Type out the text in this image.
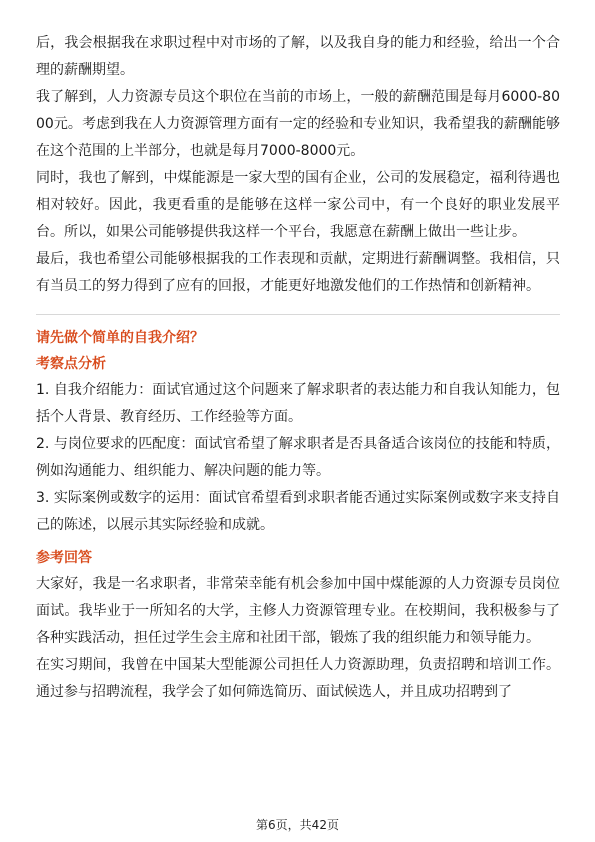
后，我会根据我在求职过程中对市场的了解，以及我自身的能力和经验，给出一个合理的薪酬期望。

我了解到，人力资源专员这个职位在当前的市场上，一般的薪酬范围是每月6000-8000元。考虑到我在人力资源管理方面有一定的经验和专业知识，我希望我的薪酬能够在这个范围的上半部分，也就是每月7000-8000元。

同时，我也了解到，中煤能源是一家大型的国有企业，公司的发展稳定，福利待遇也相对较好。因此，我更看重的是能够在这样一家公司中，有一个良好的职业发展平台。所以，如果公司能够提供我这样一个平台，我愿意在薪酬上做出一些让步。

最后，我也希望公司能够根据我的工作表现和贡献，定期进行薪酬调整。我相信，只有当员工的努力得到了应有的回报，才能更好地激发他们的工作热情和创新精神。

请先做个简单的自我介绍？

考察点分析

1. 自我介绍能力：面试官通过这个问题来了解求职者的表达能力和自我认知能力，包括个人背景、教育经历、工作经验等方面。

2. 与岗位要求的匹配度：面试官希望了解求职者是否具备适合该岗位的技能和特质，例如沟通能力、组织能力、解决问题的能力等。

3. 实际案例或数字的运用：面试官希望看到求职者能否通过实际案例或数字来支持自己的陈述，以展示其实际经验和成就。

参考回答

大家好，我是一名求职者，非常荣幸能有机会参加中国中煤能源的人力资源专员岗位面试。我毕业于一所知名的大学，主修人力资源管理专业。在校期间，我积极参与了各种实践活动，担任过学生会主席和社团干部，锻炼了我的组织能力和领导能力。

在实习期间，我曾在中国某大型能源公司担任人力资源助理，负责招聘和培训工作。通过参与招聘流程，我学会了如何筛选简历、面试候选人，并且成功招聘到了

第6页，共42页
